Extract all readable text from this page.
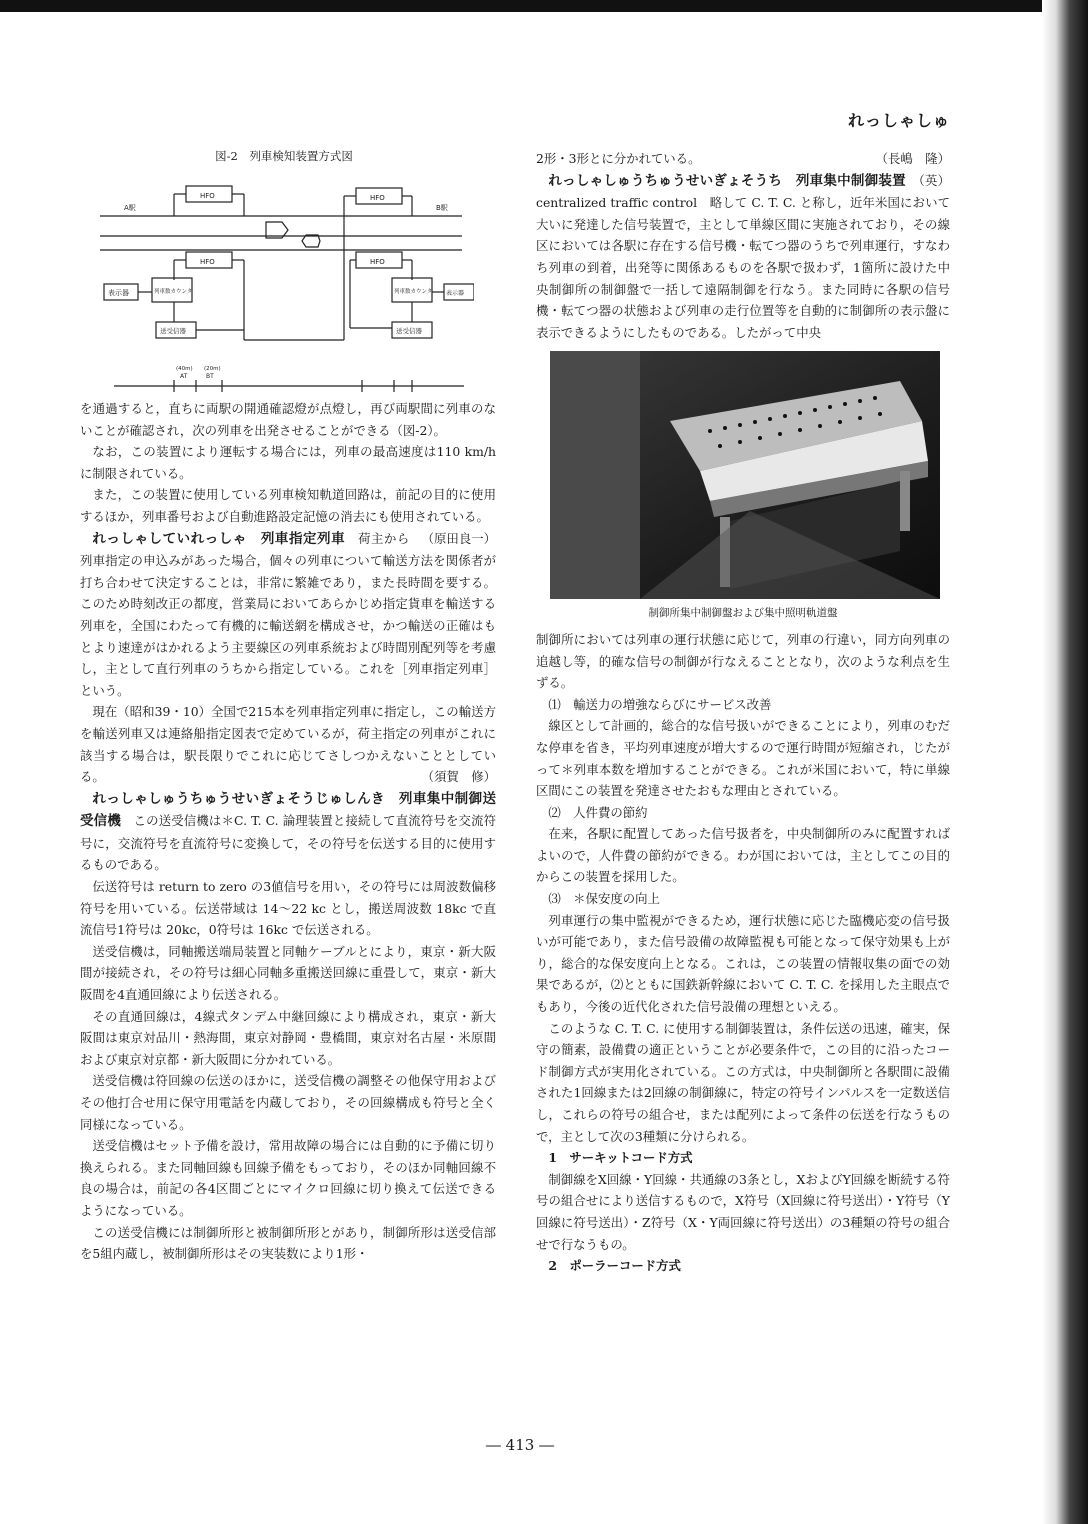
れっしゃしゅ
図-2　列車検知装置方式図
A駅	B駅
HFO
HFO
HFO
HFO
表示器	表示器
列車数カウンタ	列車数カウンタ
送受信器	送受信器
(40m)
AT
(20m)
BT

を通過すると，直ちに両駅の開通確認燈が点燈し，再び両駅間に列車のないことが確認され，次の列車を出発させることができる（図-2）。

なお，この装置により運転する場合には，列車の最高速度は110 km/h に制限されている。

また，この装置に使用している列車検知軌道回路は，前記の目的に使用するほか，列車番号および自動進路設定記憶の消去にも使用されている。
（原田良一）

れっしゃしていれっしゃ　列車指定列車　 荷主から列車指定の申込みがあった場合，個々の列車について輸送方法を関係者が打ち合わせて決定することは，非常に繁雑であり，また長時間を要する。このため時刻改正の都度，営業局においてあらかじめ指定貨車を輸送する列車を，全国にわたって有機的に輸送網を構成させ，かつ輸送の正確はもとより速達がはかれるよう主要線区の列車系統および時間別配列等を考慮し，主として直行列車のうちから指定している。これを［列車指定列車］という。

現在（昭和39・10）全国で215本を列車指定列車に指定し，この輸送方を輸送列車又は連絡船指定図表で定めているが，荷主指定の列車がこれに該当する場合は，駅長限りでこれに応じてさしつかえないこととしている。	（須賀　修）

れっしゃしゅうちゅうせいぎょそうじゅしんき　列車集中制御送受信機　 この送受信機は＊C. T. C. 論理装置と接続して直流符号を交流符号に，交流符号を直流符号に変換して，その符号を伝送する目的に使用するものである。

伝送符号は return to zero の3値信号を用い，その符号には周波数偏移符号を用いている。伝送帯域は 14～22 kc とし，搬送周波数 18kc で直流信号1符号は 20kc，0符号は 16kc で伝送される。

送受信機は，同軸搬送端局装置と同軸ケーブルとにより，東京・新大阪間が接続され，その符号は細心同軸多重搬送回線に重畳して，東京・新大阪間を4直通回線により伝送される。

その直通回線は，4線式タンデム中継回線により構成され，東京・新大阪間は東京対品川・熱海間，東京対静岡・豊橋間，東京対名古屋・米原間および東京対京都・新大阪間に分かれている。

送受信機は符回線の伝送のほかに，送受信機の調整その他保守用およびその他打合せ用に保守用電話を内蔵しており，その回線構成も符号と全く同様になっている。

送受信機はセット予備を設け，常用故障の場合には自動的に予備に切り換えられる。また同軸回線も回線予備をもっており，そのほか同軸回線不良の場合は，前記の各4区間ごとにマイクロ回線に切り換えて伝送できるようになっている。

この送受信機には制御所形と被制御所形とがあり，制御所形は送受信部を5組内蔵し，被制御所形はその実装数により1形・

2形・3形とに分かれている。	（長嶋　隆）

れっしゃしゅうちゅうせいぎょそうち　列車集中制御装置　 （英）centralized traffic control　略して C. T. C. と称し，近年米国において大いに発達した信号装置で，主として単線区間に実施されており，その線区においては各駅に存在する信号機・転てつ器のうちで列車運行，すなわち列車の到着，出発等に関係あるものを各駅で扱わず，1箇所に設けた中央制御所の制御盤で一括して遠隔制御を行なう。また同時に各駅の信号機・転てつ器の状態および列車の走行位置等を自動的に制御所の表示盤に表示できるようにしたものである。したがって中央

制御所集中制御盤および集中照明軌道盤

制御所においては列車の運行状態に応じて，列車の行違い，同方向列車の追越し等，的確な信号の制御が行なえることとなり，次のような利点を生ずる。

⑴　輸送力の増強ならびにサービス改善

線区として計画的，総合的な信号扱いができることにより，列車のむだな停車を省き，平均列車速度が増大するので運行時間が短縮され，じたがって＊列車本数を増加することができる。これが米国において，特に単線区間にこの装置を発達させたおもな理由とされている。

⑵　人件費の節約

在来，各駅に配置してあった信号扱者を，中央制御所のみに配置すればよいので，人件費の節約ができる。わが国においては，主としてこの目的からこの装置を採用した。

⑶　＊保安度の向上

列車運行の集中監視ができるため，運行状態に応じた臨機応変の信号扱いが可能であり，また信号設備の故障監視も可能となって保守効果も上がり，総合的な保安度向上となる。これは，この装置の情報収集の面での効果であるが，⑵とともに国鉄新幹線において C. T. C. を採用した主眼点でもあり，今後の近代化された信号設備の理想といえる。

このような C. T. C. に使用する制御装置は，条件伝送の迅速，確実，保守の簡素，設備費の適正ということが必要条件で，この目的に沿ったコード制御方式が実用化されている。この方式は，中央制御所と各駅間に設備された1回線または2回線の制御線に，特定の符号インパルスを一定数送信し，これらの符号の組合せ，または配列によって条件の伝送を行なうもので，主として次の3種類に分けられる。

1　サーキットコード方式

制御線をX回線・Y回線・共通線の3条とし，XおよびY回線を断続する符号の組合せにより送信するもので，X符号（X回線に符号送出）・Y符号（Y回線に符号送出）・Z符号（X・Y両回線に符号送出）の3種類の符号の組合せで行なうもの。

2　ポーラーコード方式

― 413 ―
